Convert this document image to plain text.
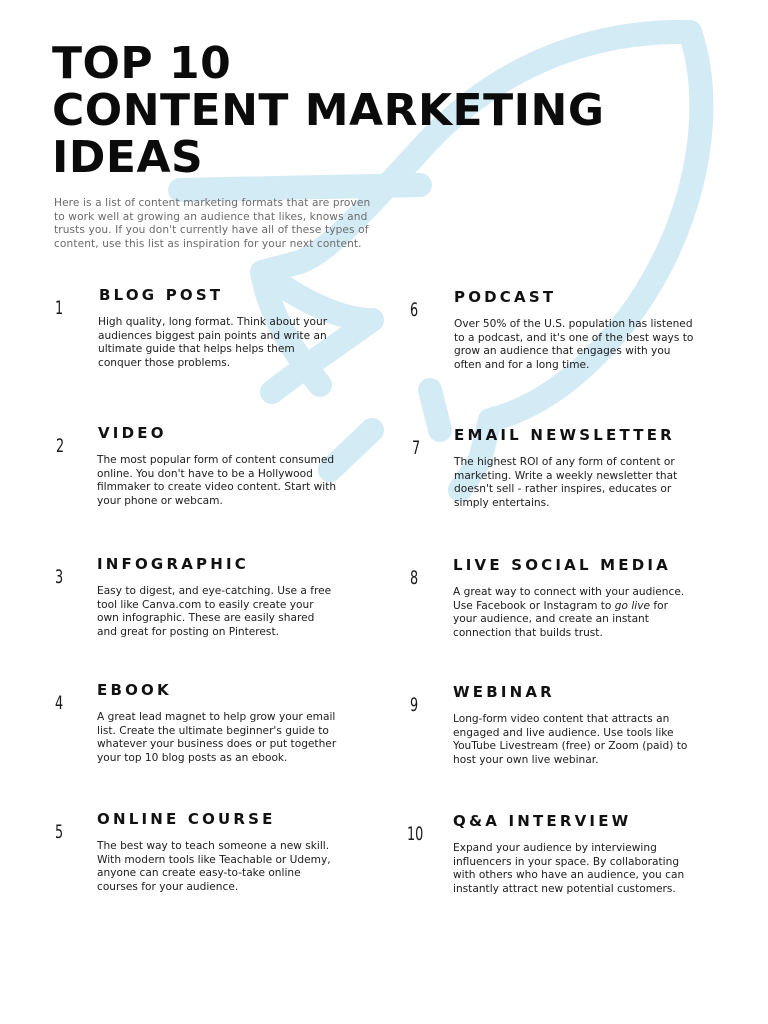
TOP 10
CONTENT MARKETING
IDEAS

Here is a list of content marketing formats that are proven to work well at growing an audience that likes, knows and trusts you. If you don't currently have all of these types of content, use this list as inspiration for your next content.

1
BLOG POST

High quality, long format. Think about your audiences biggest pain points and write an ultimate guide that helps helps them conquer those problems.

2
VIDEO

The most popular form of content consumed online. You don't have to be a Hollywood filmmaker to create video content. Start with your phone or webcam.

3
INFOGRAPHIC

Easy to digest, and eye-catching. Use a free tool like Canva.com to easily create your own infographic. These are easily shared and great for posting on Pinterest.

4
EBOOK

A great lead magnet to help grow your email list. Create the ultimate beginner's guide to whatever your business does or put together your top 10 blog posts as an ebook.

5
ONLINE COURSE

The best way to teach someone a new skill. With modern tools like Teachable or Udemy, anyone can create easy-to-take online courses for your audience.

6
PODCAST

Over 50% of the U.S. population has listened to a podcast, and it's one of the best ways to grow an audience that engages with you often and for a long time.

7
EMAIL NEWSLETTER

The highest ROI of any form of content or marketing. Write a weekly newsletter that doesn't sell - rather inspires, educates or simply entertains.

8
LIVE SOCIAL MEDIA

A great way to connect with your audience. Use Facebook or Instagram to go live for your audience, and create an instant connection that builds trust.

9
WEBINAR

Long-form video content that attracts an engaged and live audience. Use tools like YouTube Livestream (free) or Zoom (paid) to host your own live webinar.

10
Q&A INTERVIEW

Expand your audience by interviewing influencers in your space. By collaborating with others who have an audience, you can instantly attract new potential customers.
